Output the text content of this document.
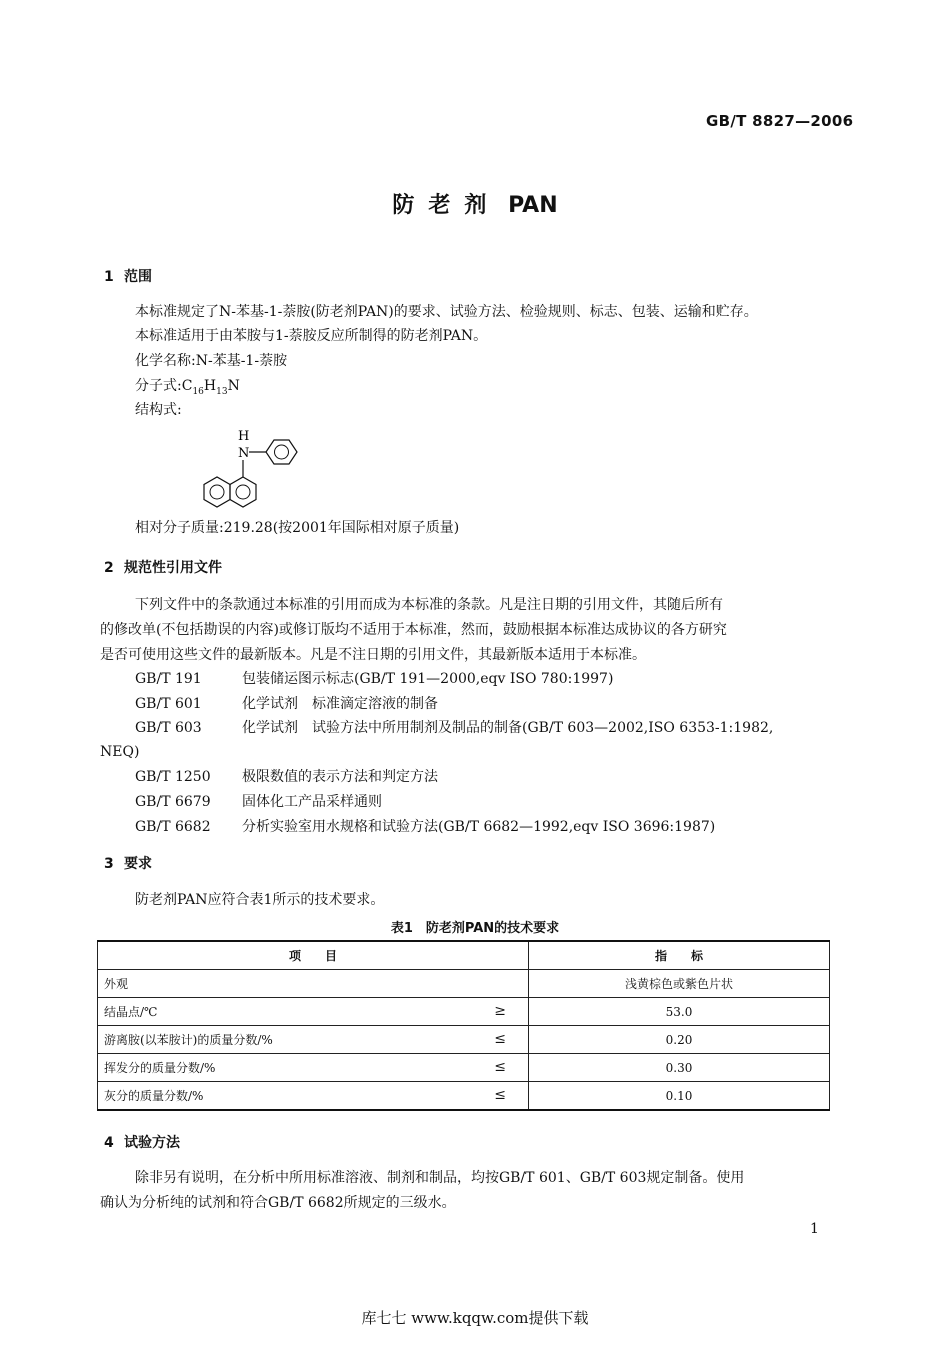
GB/T 8827—2006
防老剂 PAN
1 范围
本标准规定了N-苯基-1-萘胺(防老剂PAN)的要求、试验方法、检验规则、标志、包装、运输和贮存。
本标准适用于由苯胺与1-萘胺反应所制得的防老剂PAN。
化学名称:N-苯基-1-萘胺
分子式$:C_{16}H_{13}N$
结构式:
H
N
相对分子质量:219.28(按2001年国际相对原子质量)
2 规范性引用文件
下列文件中的条款通过本标准的引用而成为本标准的条款。凡是注日期的引用文件，其随后所有
的修改单(不包括勘误的内容)或修订版均不适用于本标准，然而，鼓励根据本标准达成协议的各方研究
是否可使用这些文件的最新版本。凡是不注日期的引用文件，其最新版本适用于本标准。
GB/T 191	包装储运图示标志(GB/T 191—2000,eqv ISO 780:1997)
GB/T 601	化学试剂　标准滴定溶液的制备
GB/T 603	化学试剂　试验方法中所用制剂及制品的制备(GB/T 603—2002,ISO 6353-1:1982,
NEQ)
GB/T 1250 极限数值的表示方法和判定方法
GB/T 6679 固体化工产品采样通则
GB/T 6682 分析实验室用水规格和试验方法(GB/T 6682—1992,eqv ISO 3696:1987)
3 要求
防老剂PAN应符合表1所示的技术要求。
表1　防老剂PAN的技术要求
项　　目	指　　标
外观	浅黄棕色或紫色片状
结晶点/℃ ≥	53.0
游离胺(以苯胺计)的质量分数/% ≤	0.20
挥发分的质量分数/% ≤	0.30
灰分的质量分数/% ≤	0.10
4 试验方法
除非另有说明，在分析中所用标准溶液、制剂和制品，均按GB/T 601、GB/T 603规定制备。使用
确认为分析纯的试剂和符合GB/T 6682所规定的三级水。
1
库七七 www.kqqw.com提供下载
